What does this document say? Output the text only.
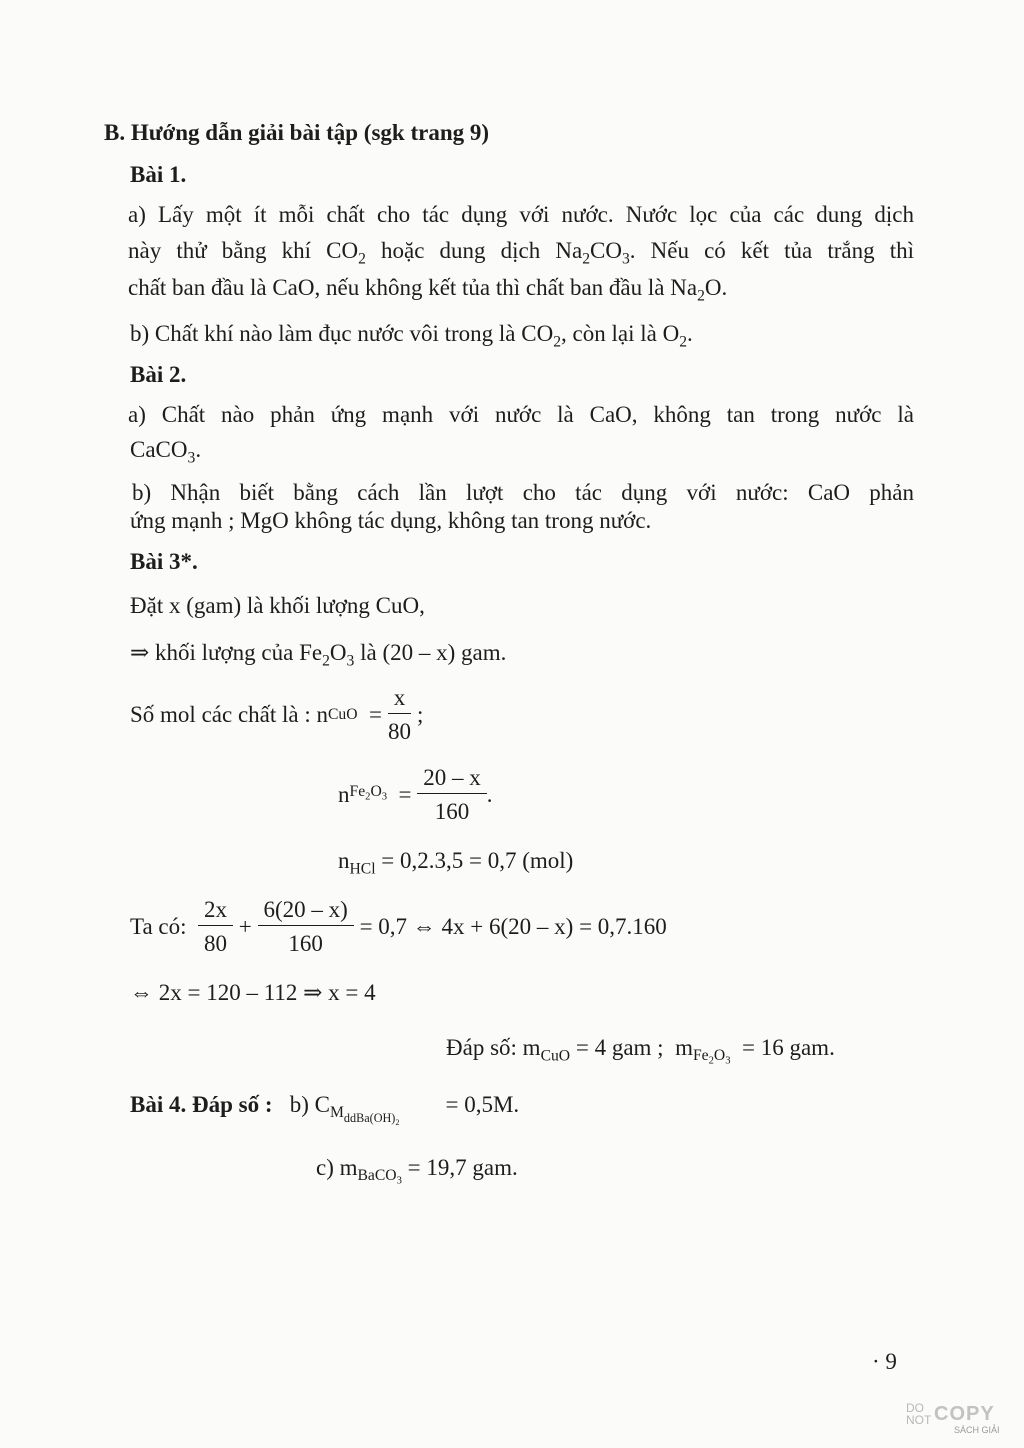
B. Hướng dẫn giải bài tập (sgk trang 9)
Bài 1.
a) Lấy một ít mỗi chất cho tác dụng với nước. Nước lọc của các dung dịch
này thử bằng khí $CO_2$ hoặc dung dịch $Na_2CO_3$. Nếu có kết tủa trắng thì
chất ban đầu là CaO, nếu không kết tủa thì chất ban đầu là $Na_2O$.
b) Chất khí nào làm đục nước vôi trong là $CO_2$, còn lại là $O_2$.
Bài 2.
a) Chất nào phản ứng mạnh với nước là CaO, không tan trong nước là
CaCO$_3$.
b) Nhận biết bằng cách lần lượt cho tác dụng với nước: CaO phản
ứng mạnh ; MgO không tác dụng, không tan trong nước.
Bài 3*.
Đặt x (gam) là khối lượng CuO,
⇒ khối lượng của $Fe_2O_3$ là (20 – x) gam.
Số mol các chất là :
n CuO
=
$\frac{x}{80}$
;
n $Fe_2O_3$
=
$\frac{20 - x}{160}$ .
$n_{HCl} = 0,2.3,5 = 0,7$ (mol)
Ta có:
$\frac{2x}{80}$
+
$\frac{6(20 - x)}{160}$
= 0,7 ⇔ 4x + 6(20 – x) = 0,7.160
⇔ 2x = 120 – 112 ⇒ x = 4
Đáp số: $m_{CuO} = 4$ gam ; $m_{Fe_2O_3} = 16$ gam.
Bài 4. Đáp số : b) $C_{M_{ddBa(OH)_2}}$        = 0,5M.
c) $m_{BaCO_3} = 19,7$ gam.
· 9
DO
NOT COPY
SÁCH GIẢI
